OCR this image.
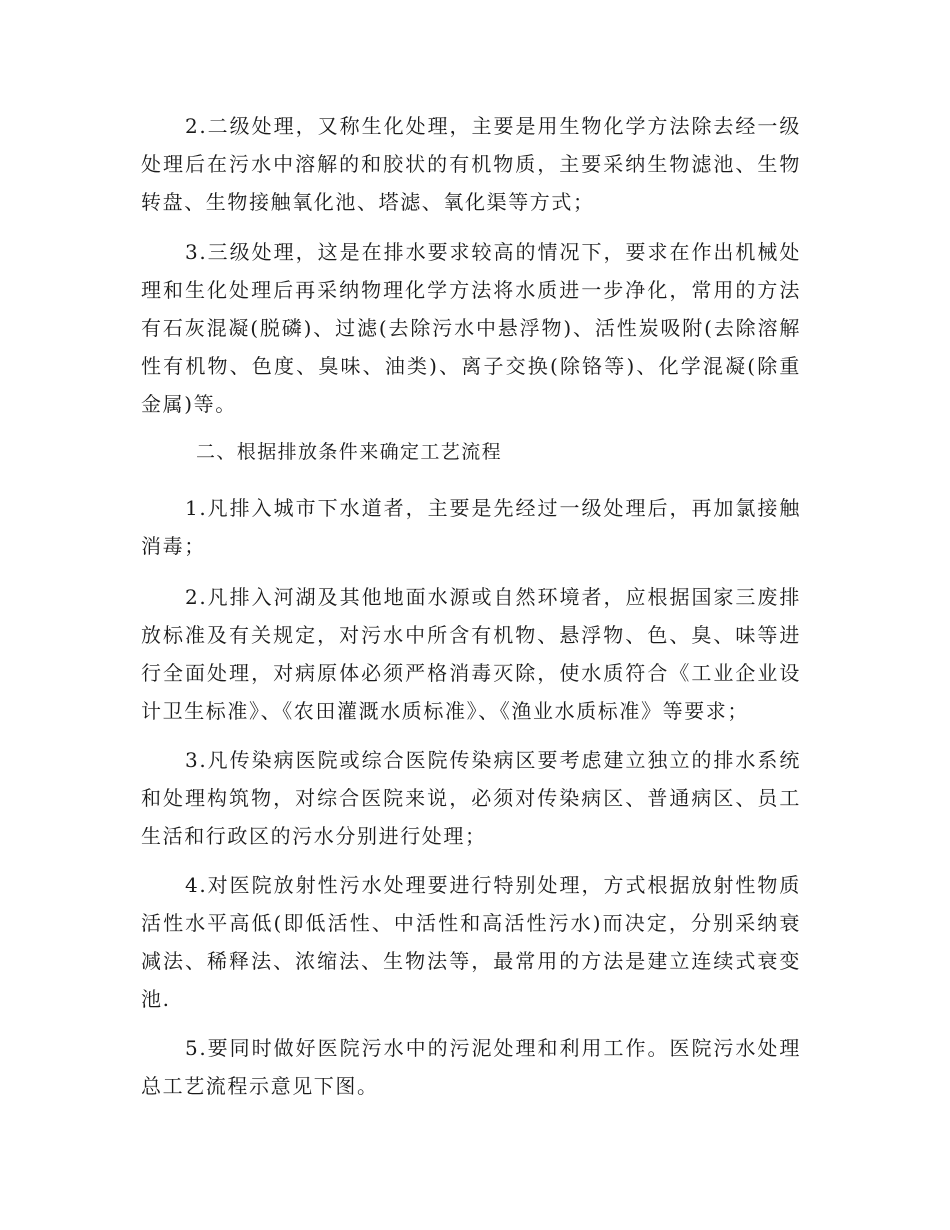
2.二级处理，又称生化处理，主要是用生物化学方法除去经一级处理后在污水中溶解的和胶状的有机物质，主要采纳生物滤池、生物转盘、生物接触氧化池、塔滤、氧化渠等方式；

3.三级处理，这是在排水要求较高的情况下，要求在作出机械处理和生化处理后再采纳物理化学方法将水质进一步净化，常用的方法有石灰混凝(脱磷)、过滤(去除污水中悬浮物)、活性炭吸附(去除溶解性有机物、色度、臭味、油类)、离子交换(除铬等)、化学混凝(除重金属)等。

二、根据排放条件来确定工艺流程

1.凡排入城市下水道者，主要是先经过一级处理后，再加氯接触消毒；

2.凡排入河湖及其他地面水源或自然环境者，应根据国家三废排放标准及有关规定，对污水中所含有机物、悬浮物、色、臭、味等进行全面处理，对病原体必须严格消毒灭除，使水质符合《工业企业设计卫生标准》、《农田灌溉水质标准》、《渔业水质标准》等要求；

3.凡传染病医院或综合医院传染病区要考虑建立独立的排水系统和处理构筑物，对综合医院来说，必须对传染病区、普通病区、员工生活和行政区的污水分别进行处理；

4.对医院放射性污水处理要进行特别处理，方式根据放射性物质活性水平高低(即低活性、中活性和高活性污水)而决定，分别采纳衰减法、稀释法、浓缩法、生物法等，最常用的方法是建立连续式衰变池.

5.要同时做好医院污水中的污泥处理和利用工作。医院污水处理总工艺流程示意见下图。
